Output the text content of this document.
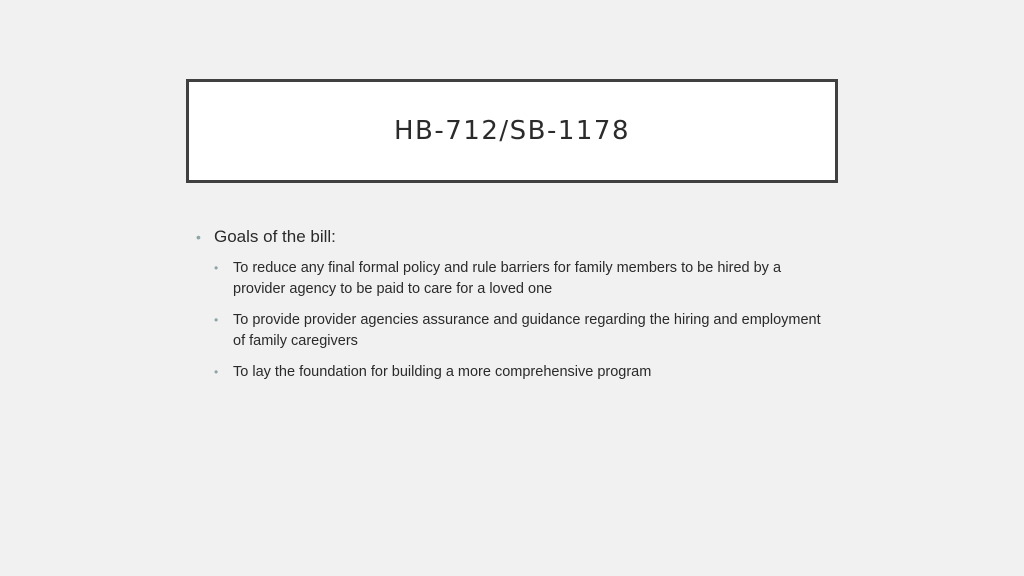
HB-712/SB-1178
• Goals of the bill:
•	To reduce any final formal policy and rule barriers for family members to be hired by a provider agency to be paid to care for a loved one
•	To provide provider agencies assurance and guidance regarding the hiring and employment of family caregivers
•	To lay the foundation for building a more comprehensive program
